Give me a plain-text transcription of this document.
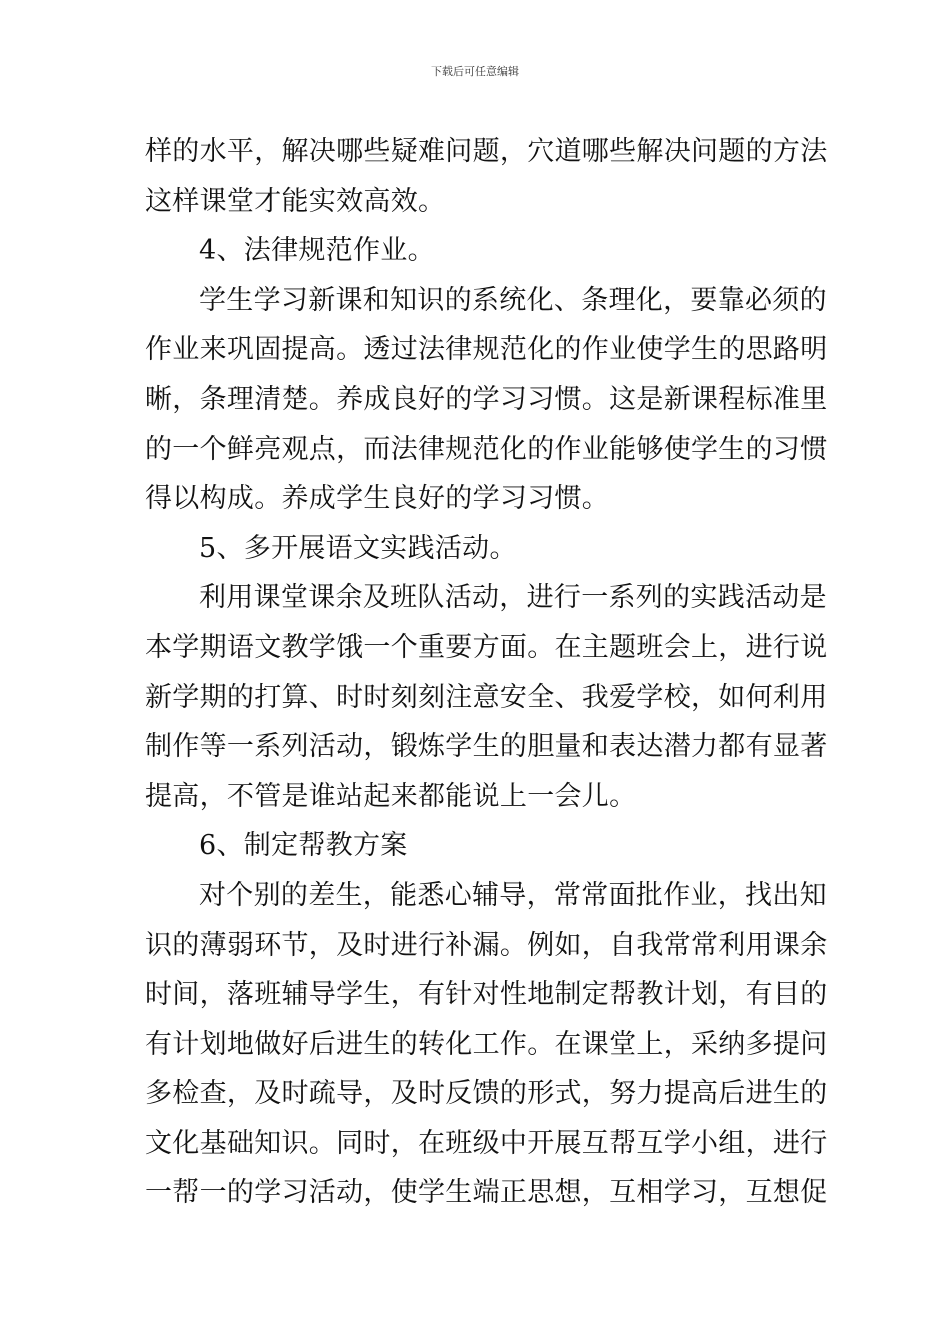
下载后可任意编辑
样的水平，解决哪些疑难问题，穴道哪些解决问题的方法
这样课堂才能实效高效。
4、法律规范作业。
学生学习新课和知识的系统化、条理化，要靠必须的
作业来巩固提高。透过法律规范化的作业使学生的思路明
晰，条理清楚。养成良好的学习习惯。这是新课程标准里
的一个鲜亮观点，而法律规范化的作业能够使学生的习惯
得以构成。养成学生良好的学习习惯。
5、多开展语文实践活动。
利用课堂课余及班队活动，进行一系列的实践活动是
本学期语文教学饿一个重要方面。在主题班会上，进行说
新学期的打算、时时刻刻注意安全、我爱学校，如何利用
制作等一系列活动，锻炼学生的胆量和表达潜力都有显著
提高，不管是谁站起来都能说上一会儿。
6、制定帮教方案
对个别的差生，能悉心辅导，常常面批作业，找出知
识的薄弱环节，及时进行补漏。例如，自我常常利用课余
时间，落班辅导学生，有针对性地制定帮教计划，有目的
有计划地做好后进生的转化工作。在课堂上，采纳多提问
多检查，及时疏导，及时反馈的形式，努力提高后进生的
文化基础知识。同时，在班级中开展互帮互学小组，进行
一帮一的学习活动，使学生端正思想，互相学习，互想促
